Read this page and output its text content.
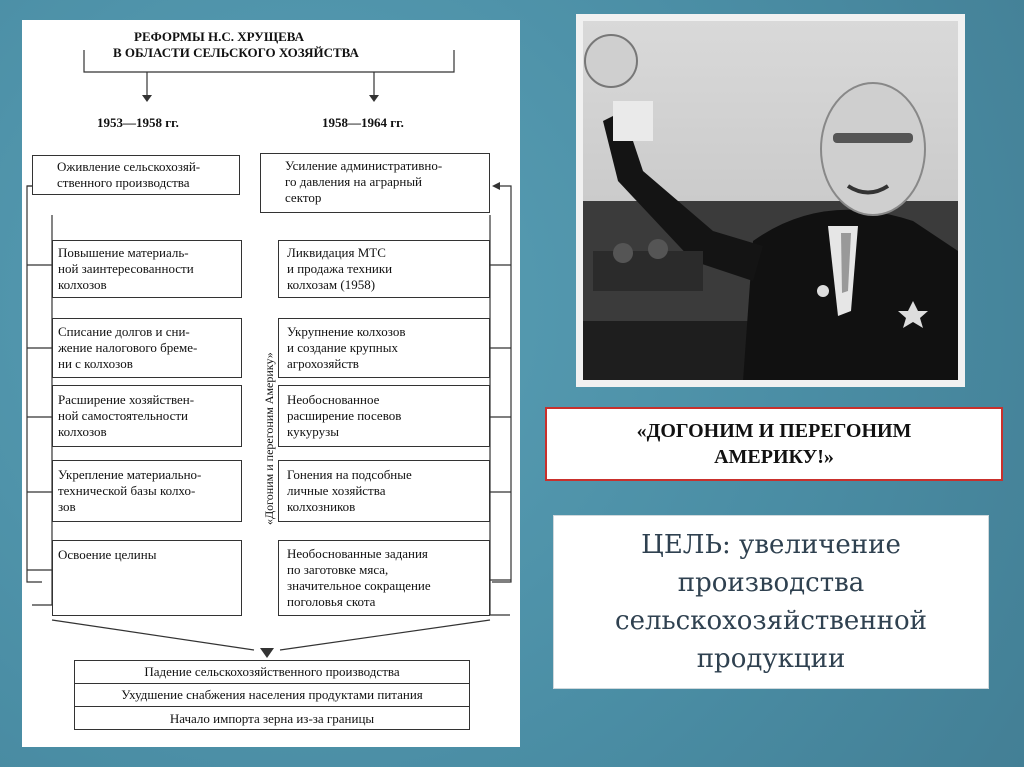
РЕФОРМЫ Н.С. ХРУЩЕВА
В ОБЛАСТИ СЕЛЬСКОГО ХОЗЯЙСТВА
1953—1958 гг.	1958—1964 гг.
Оживление сельскохозяй-
ственного производства
Усиление административно-
го давления на аграрный
сектор
Повышение материаль-
ной заинтересованности
колхозов
Списание долгов и сни-
жение налогового бреме-
ни с колхозов
Расширение хозяйствен-
ной самостоятельности
колхозов
Укрепление материально-
технической базы колхо-
зов
Освоение целины
«Догоним и перегоним Америку»
Ликвидация МТС
и продажа техники
колхозам (1958)
Укрупнение колхозов
и создание крупных
агрохозяйств
Необоснованное
расширение посевов
кукурузы
Гонения на подсобные
личные хозяйства
колхозников
Необоснованные задания
по заготовке мяса,
значительное сокращение
поголовья скота
Падение сельскохозяйственного производства
Ухудшение снабжения населения продуктами питания
Начало импорта зерна из-за границы
«ДОГОНИМ И ПЕРЕГОНИМ
АМЕРИКУ!»
ЦЕЛЬ: увеличение производства сельскохозяйственной продукции
